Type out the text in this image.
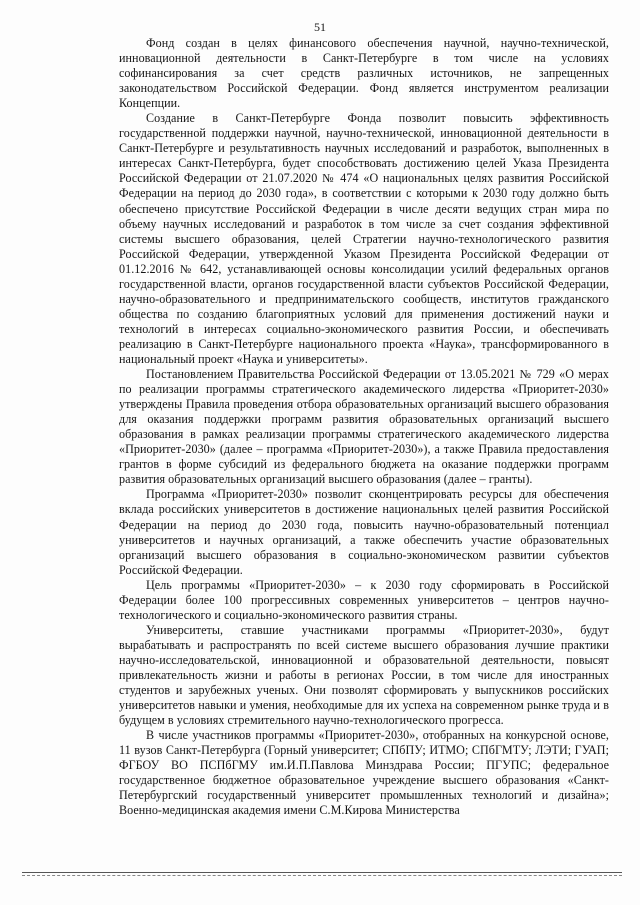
51

Фонд создан в целях финансового обеспечения научной, научно-технической, инновационной деятельности в Санкт-Петербурге в том числе на условиях софинансирования за счет средств различных источников, не запрещенных законодательством Российской Федерации. Фонд является инструментом реализации Концепции.

Создание в Санкт-Петербурге Фонда позволит повысить эффективность государственной поддержки научной, научно-технической, инновационной деятельности в Санкт-Петербурге и результативность научных исследований и разработок, выполненных в интересах Санкт-Петербурга, будет способствовать достижению целей Указа Президента Российской Федерации от 21.07.2020 № 474 «О национальных целях развития Российской Федерации на период до 2030 года», в соответствии с которыми к 2030 году должно быть обеспечено присутствие Российской Федерации в числе десяти ведущих стран мира по объему научных исследований и разработок в том числе за счет создания эффективной системы высшего образования, целей Стратегии научно-технологического развития Российской Федерации, утвержденной Указом Президента Российской Федерации от 01.12.2016 № 642, устанавливающей основы консолидации усилий федеральных органов государственной власти, органов государственной власти субъектов Российской Федерации, научно-образовательного и предпринимательского сообществ, институтов гражданского общества по созданию благоприятных условий для применения достижений науки и технологий в интересах социально-экономического развития России, и обеспечивать реализацию в Санкт-Петербурге национального проекта «Наука», трансформированного в национальный проект «Наука и университеты».

Постановлением Правительства Российской Федерации от 13.05.2021 № 729 «О мерах по реализации программы стратегического академического лидерства «Приоритет-2030» утверждены Правила проведения отбора образовательных организаций высшего образования для оказания поддержки программ развития образовательных организаций высшего образования в рамках реализации программы стратегического академического лидерства «Приоритет-2030» (далее – программа «Приоритет-2030»), а также Правила предоставления грантов в форме субсидий из федерального бюджета на оказание поддержки программ развития образовательных организаций высшего образования (далее – гранты).

Программа «Приоритет-2030» позволит сконцентрировать ресурсы для обеспечения вклада российских университетов в достижение национальных целей развития Российской Федерации на период до 2030 года, повысить научно-образовательный потенциал университетов и научных организаций, а также обеспечить участие образовательных организаций высшего образования в социально-экономическом развитии субъектов Российской Федерации.

Цель программы «Приоритет-2030» – к 2030 году сформировать в Российской Федерации более 100 прогрессивных современных университетов – центров научно-технологического и социально-экономического развития страны.

Университеты, ставшие участниками программы «Приоритет-2030», будут вырабатывать и распространять по всей системе высшего образования лучшие практики научно-исследовательской, инновационной и образовательной деятельности, повысят привлекательность жизни и работы в регионах России, в том числе для иностранных студентов и зарубежных ученых. Они позволят сформировать у выпускников российских университетов навыки и умения, необходимые для их успеха на современном рынке труда и в будущем в условиях стремительного научно-технологического прогресса.

В числе участников программы «Приоритет-2030», отобранных на конкурсной основе, 11 вузов Санкт-Петербурга (Горный университет; СПбПУ; ИТМО; СПбГМТУ; ЛЭТИ; ГУАП; ФГБОУ ВО ПСПбГМУ им.И.П.Павлова Минздрава России; ПГУПС; федеральное государственное бюджетное образовательное учреждение высшего образования «Санкт-Петербургский государственный университет промышленных технологий и дизайна»; Военно-медицинская академия имени С.М.Кирова Министерства
